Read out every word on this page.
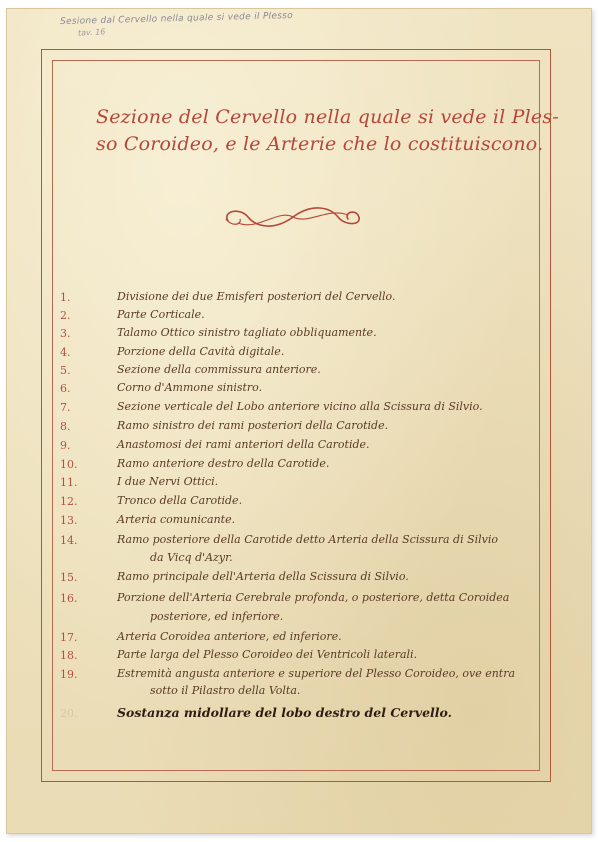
Sesione dal Cervello nella quale si vede il Plesso
tav. 16
Sezione del Cervello nella quale si vede il Ples-
so Coroideo, e le Arterie che lo costituiscono.
1.	Divisione dei due Emisferi posteriori del Cervello.
2.	Parte Corticale.
3.	Talamo Ottico sinistro tagliato obbliquamente.
4.	Porzione della Cavità digitale.
5.	Sezione della commissura anteriore.
6.	Corno d'Ammone sinistro.
7.	Sezione verticale del Lobo anteriore vicino alla Scissura di Silvio.
8.	Ramo sinistro dei rami posteriori della Carotide.
9.	Anastomosi dei rami anteriori della Carotide.
10.	Ramo anteriore destro della Carotide.
11.	I due Nervi Ottici.
12.	Tronco della Carotide.
13.	Arteria comunicante.
14.	Ramo posteriore della Carotide detto Arteria della Scissura di Silvio
da Vicq d'Azyr.
15.	Ramo principale dell'Arteria della Scissura di Silvio.
16.	Porzione dell'Arteria Cerebrale profonda, o posteriore, detta Coroidea
posteriore, ed inferiore.
17.	Arteria Coroidea anteriore, ed inferiore.
18.	Parte larga del Plesso Coroideo dei Ventricoli laterali.
19.	Estremità angusta anteriore e superiore del Plesso Coroideo, ove entra
sotto il Pilastro della Volta.
20.	Sostanza midollare del lobo destro del Cervello.
